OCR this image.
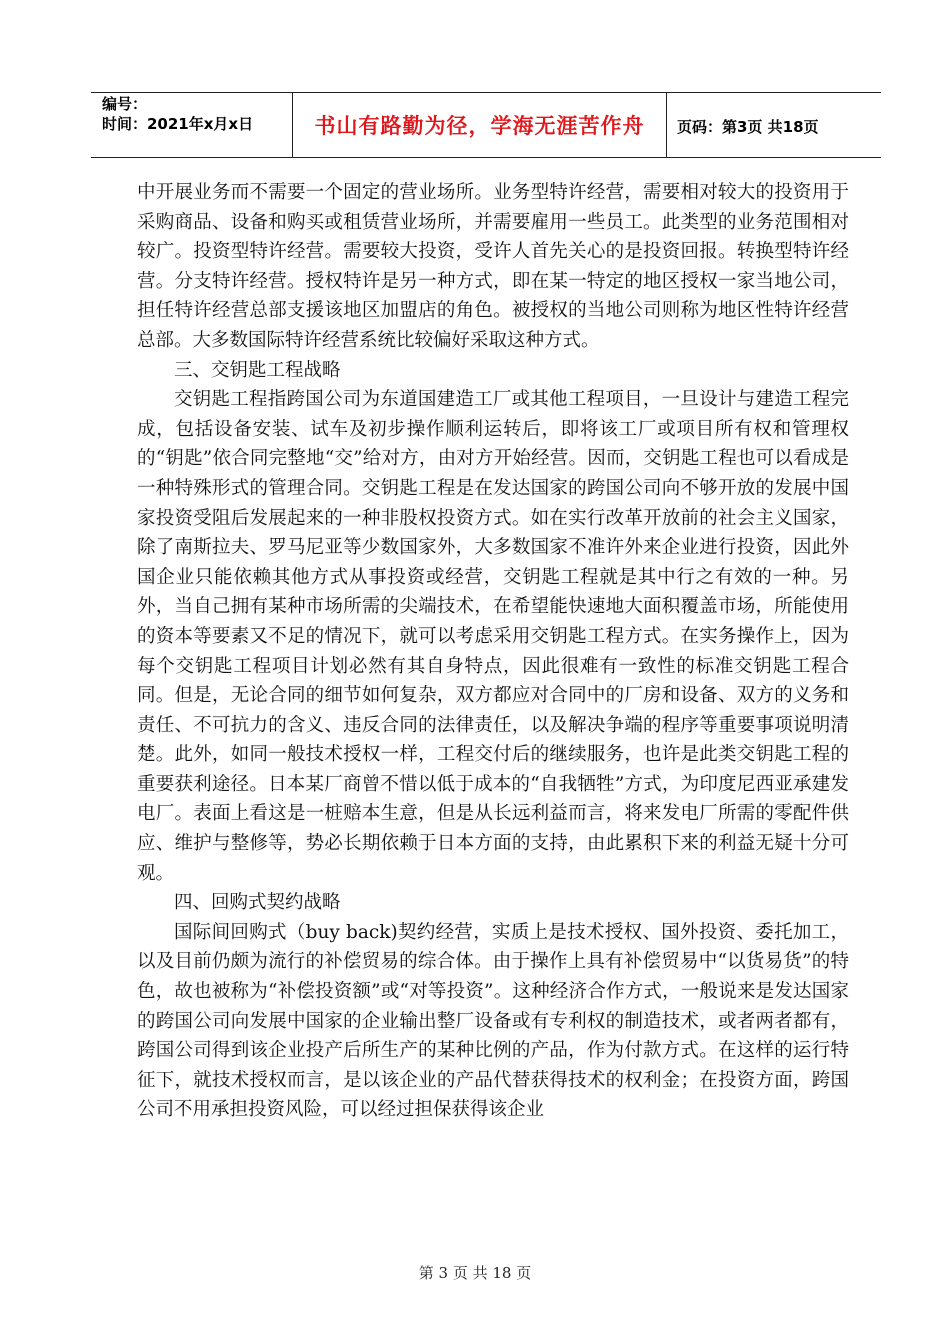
编号：
时间：2021年x月x日	书山有路勤为径，学海无涯苦作舟	页码：第3页 共18页

中开展业务而不需要一个固定的营业场所。业务型特许经营，需要相对较大的投资用于采购商品、设备和购买或租赁营业场所，并需要雇用一些员工。此类型的业务范围相对较广。投资型特许经营。需要较大投资，受许人首先关心的是投资回报。转换型特许经营。分支特许经营。授权特许是另一种方式，即在某一特定的地区授权一家当地公司，担任特许经营总部支援该地区加盟店的角色。被授权的当地公司则称为地区性特许经营总部。大多数国际特许经营系统比较偏好采取这种方式。

三、交钥匙工程战略

交钥匙工程指跨国公司为东道国建造工厂或其他工程项目，一旦设计与建造工程完成，包括设备安装、试车及初步操作顺利运转后，即将该工厂或项目所有权和管理权的“钥匙”依合同完整地“交”给对方，由对方开始经营。因而，交钥匙工程也可以看成是一种特殊形式的管理合同。交钥匙工程是在发达国家的跨国公司向不够开放的发展中国家投资受阻后发展起来的一种非股权投资方式。如在实行改革开放前的社会主义国家，除了南斯拉夫、罗马尼亚等少数国家外，大多数国家不准许外来企业进行投资，因此外国企业只能依赖其他方式从事投资或经营，交钥匙工程就是其中行之有效的一种。另外，当自己拥有某种市场所需的尖端技术，在希望能快速地大面积覆盖市场，所能使用的资本等要素又不足的情况下，就可以考虑采用交钥匙工程方式。在实务操作上，因为每个交钥匙工程项目计划必然有其自身特点，因此很难有一致性的标准交钥匙工程合同。但是，无论合同的细节如何复杂，双方都应对合同中的厂房和设备、双方的义务和责任、不可抗力的含义、违反合同的法律责任，以及解决争端的程序等重要事项说明清楚。此外，如同一般技术授权一样，工程交付后的继续服务，也许是此类交钥匙工程的重要获利途径。日本某厂商曾不惜以低于成本的“自我牺牲”方式，为印度尼西亚承建发电厂。表面上看这是一桩赔本生意，但是从长远利益而言，将来发电厂所需的零配件供应、维护与整修等，势必长期依赖于日本方面的支持，由此累积下来的利益无疑十分可观。

四、回购式契约战略

国际间回购式（buy back)契约经营，实质上是技术授权、国外投资、委托加工，以及目前仍颇为流行的补偿贸易的综合体。由于操作上具有补偿贸易中“以货易货”的特色，故也被称为“补偿投资额”或“对等投资”。这种经济合作方式，一般说来是发达国家的跨国公司向发展中国家的企业输出整厂设备或有专利权的制造技术，或者两者都有，跨国公司得到该企业投产后所生产的某种比例的产品，作为付款方式。在这样的运行特征下，就技术授权而言，是以该企业的产品代替获得技术的权利金；在投资方面，跨国公司不用承担投资风险，可以经过担保获得该企业

第 3 页 共 18 页
